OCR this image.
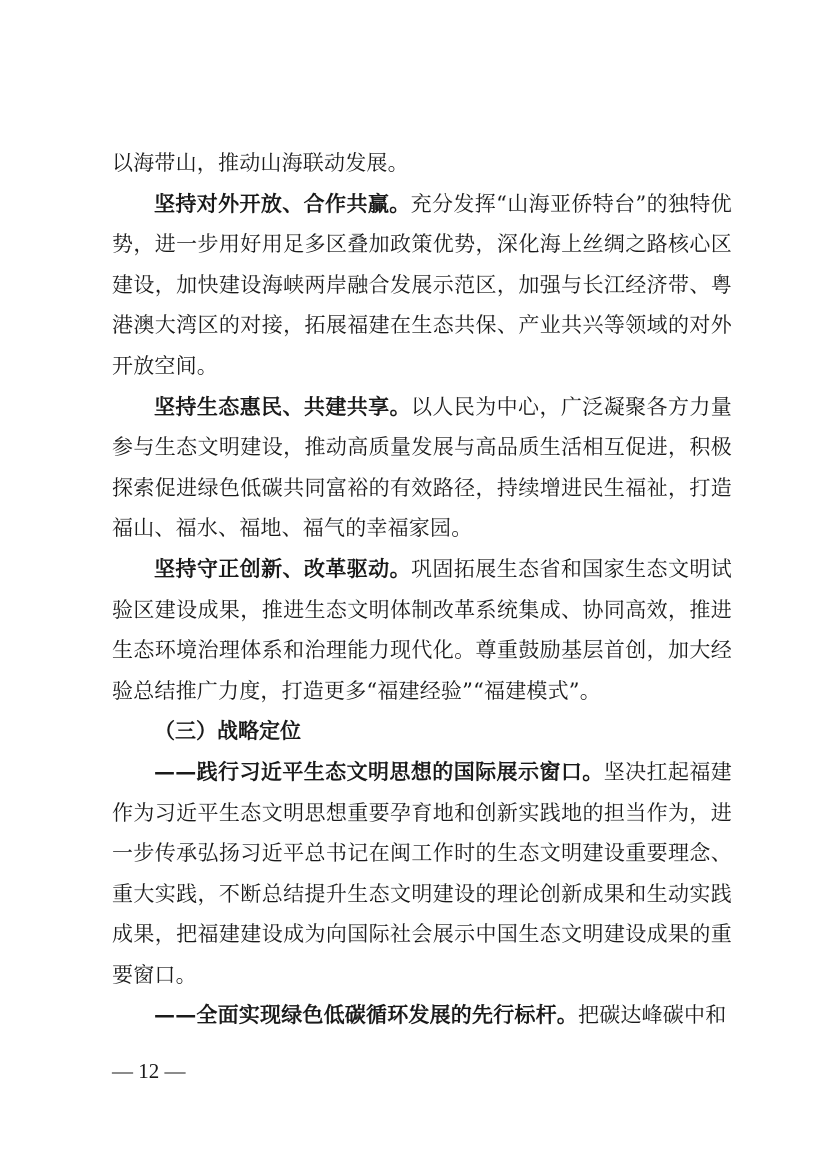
以海带山，推动山海联动发展。

坚持对外开放、合作共赢。充分发挥“山海亚侨特台”的独特优势，进一步用好用足多区叠加政策优势，深化海上丝绸之路核心区建设，加快建设海峡两岸融合发展示范区，加强与长江经济带、粤港澳大湾区的对接，拓展福建在生态共保、产业共兴等领域的对外开放空间。

坚持生态惠民、共建共享。以人民为中心，广泛凝聚各方力量参与生态文明建设，推动高质量发展与高品质生活相互促进，积极探索促进绿色低碳共同富裕的有效路径，持续增进民生福祉，打造福山、福水、福地、福气的幸福家园。

坚持守正创新、改革驱动。巩固拓展生态省和国家生态文明试验区建设成果，推进生态文明体制改革系统集成、协同高效，推进生态环境治理体系和治理能力现代化。尊重鼓励基层首创，加大经验总结推广力度，打造更多“福建经验”“福建模式”。

（三）战略定位

——践行习近平生态文明思想的国际展示窗口。坚决扛起福建作为习近平生态文明思想重要孕育地和创新实践地的担当作为，进一步传承弘扬习近平总书记在闽工作时的生态文明建设重要理念、重大实践，不断总结提升生态文明建设的理论创新成果和生动实践成果，把福建建设成为向国际社会展示中国生态文明建设成果的重要窗口。

——全面实现绿色低碳循环发展的先行标杆。把碳达峰碳中和

— 12 —
